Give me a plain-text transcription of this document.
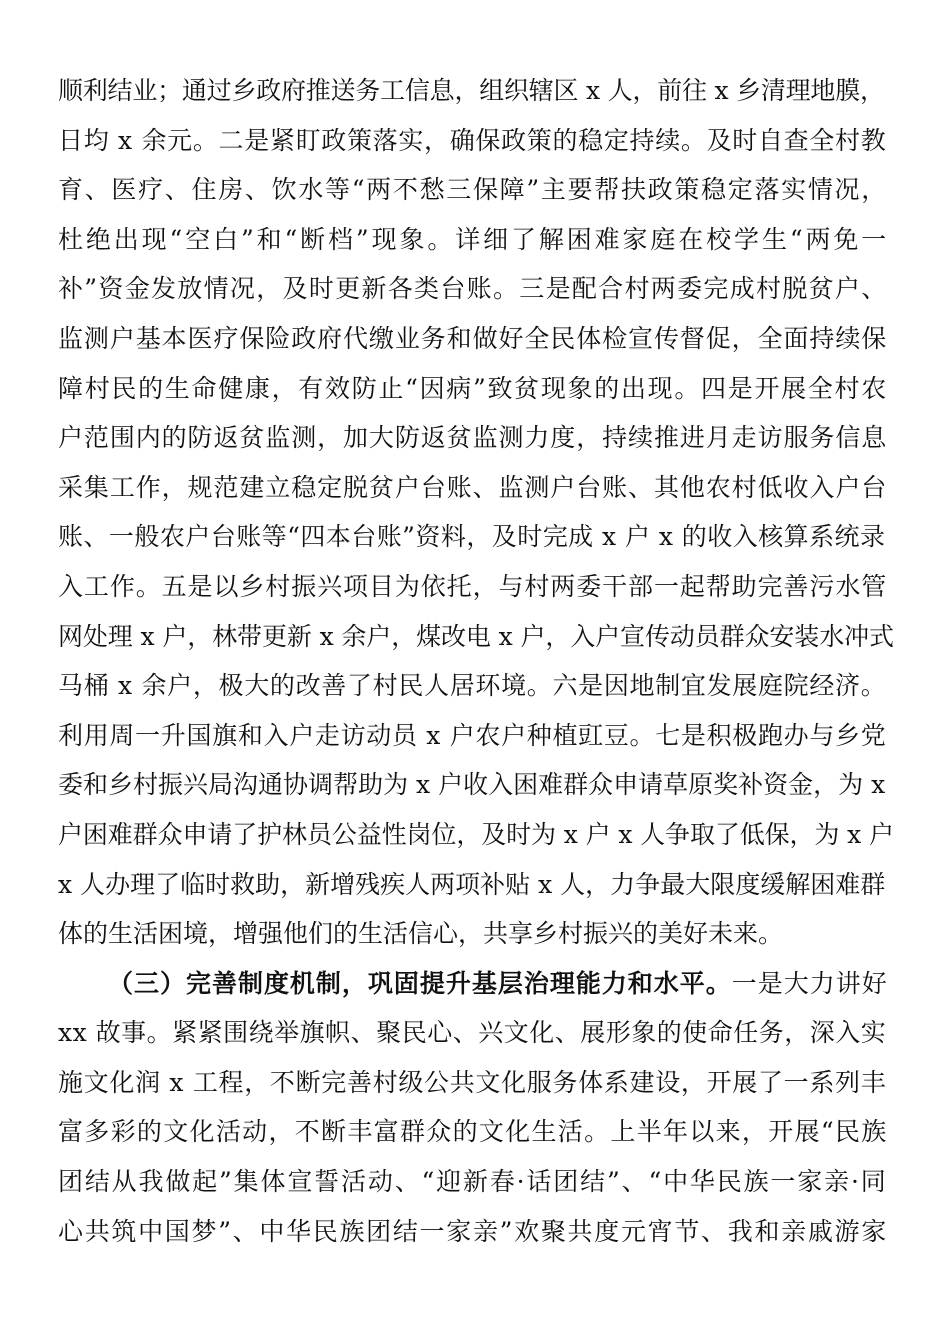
顺利结业；通过乡政府推送务工信息，组织辖区 x 人，前往 x 乡清理地膜，
日均 x 余元。二是紧盯政策落实，确保政策的稳定持续。及时自查全村教
育、医疗、住房、饮水等“两不愁三保障”主要帮扶政策稳定落实情况，
杜绝出现“空白”和“断档”现象。详细了解困难家庭在校学生“两免一
补”资金发放情况，及时更新各类台账。三是配合村两委完成村脱贫户、
监测户基本医疗保险政府代缴业务和做好全民体检宣传督促，全面持续保
障村民的生命健康，有效防止“因病”致贫现象的出现。四是开展全村农
户范围内的防返贫监测，加大防返贫监测力度，持续推进月走访服务信息
采集工作，规范建立稳定脱贫户台账、监测户台账、其他农村低收入户台
账、一般农户台账等“四本台账”资料，及时完成 x 户 x 的收入核算系统录
入工作。五是以乡村振兴项目为依托，与村两委干部一起帮助完善污水管
网处理 x 户，林带更新 x 余户，煤改电 x 户，入户宣传动员群众安装水冲式
马桶 x 余户，极大的改善了村民人居环境。六是因地制宜发展庭院经济。
利用周一升国旗和入户走访动员 x 户农户种植豇豆。七是积极跑办与乡党
委和乡村振兴局沟通协调帮助为 x 户收入困难群众申请草原奖补资金，为 x
户困难群众申请了护林员公益性岗位，及时为 x 户 x 人争取了低保，为 x 户
x 人办理了临时救助，新增残疾人两项补贴 x 人，力争最大限度缓解困难群
体的生活困境，增强他们的生活信心，共享乡村振兴的美好未来。
（三）完善制度机制，巩固提升基层治理能力和水平。一是大力讲好
xx 故事。紧紧围绕举旗帜、聚民心、兴文化、展形象的使命任务，深入实
施文化润 x 工程，不断完善村级公共文化服务体系建设，开展了一系列丰
富多彩的文化活动，不断丰富群众的文化生活。上半年以来，开展“民族
团结从我做起”集体宣誓活动、“迎新春·话团结”、“中华民族一家亲·同
心共筑中国梦”、中华民族团结一家亲”欢聚共度元宵节、我和亲戚游家
